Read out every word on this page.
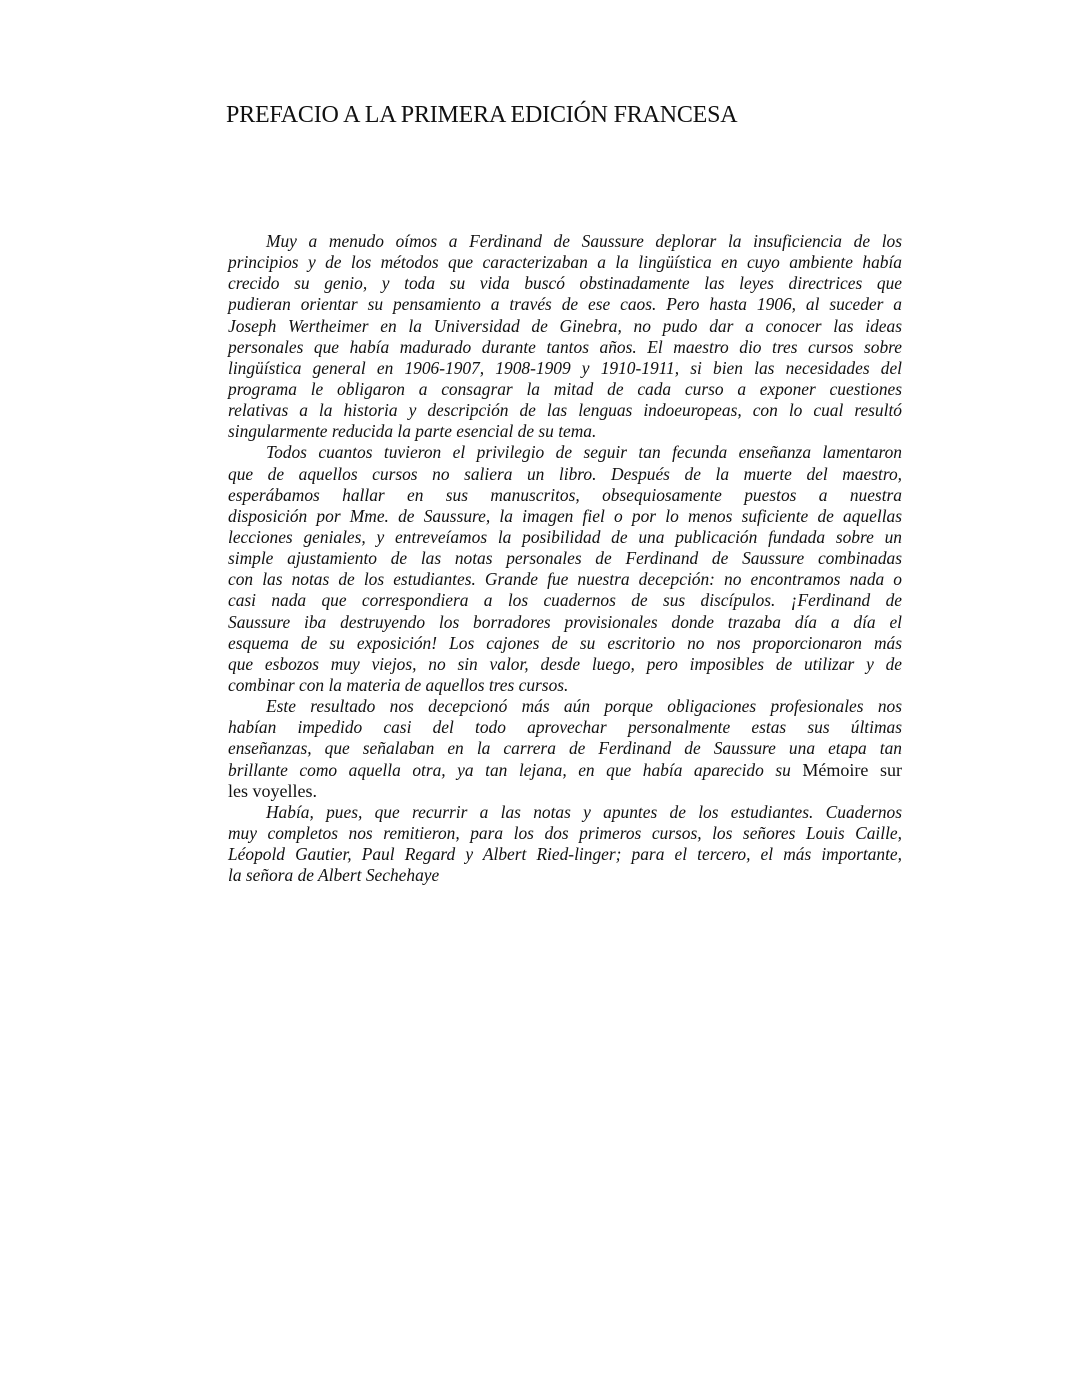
PREFACIO A LA PRIMERA EDICIÓN FRANCESA
Muy a menudo oímos a Ferdinand de Saussure deplorar la insuficiencia de los
principios y de los métodos que caracterizaban a la lingüística en cuyo ambiente había
crecido su genio, y toda su vida buscó obstinadamente las leyes directrices que
pudieran orientar su pensamiento a través de ese caos. Pero hasta 1906, al suceder a
Joseph Wertheimer en la Universidad de Ginebra, no pudo dar a conocer las ideas
personales que había madurado durante tantos años. El maestro dio tres cursos sobre
lingüística general en 1906-1907, 1908-1909 y 1910-1911, si bien las necesidades del
programa le obligaron a consagrar la mitad de cada curso a exponer cuestiones
relativas a la historia y descripción de las lenguas indoeuropeas, con lo cual resultó
singularmente reducida la parte esencial de su tema.
Todos cuantos tuvieron el privilegio de seguir tan fecunda enseñanza lamentaron
que de aquellos cursos no saliera un libro. Después de la muerte del maestro,
esperábamos hallar en sus manuscritos, obsequiosamente puestos a nuestra
disposición por Mme. de Saussure, la imagen fiel o por lo menos suficiente de aquellas
lecciones geniales, y entreveíamos la posibilidad de una publicación fundada sobre un
simple ajustamiento de las notas personales de Ferdinand de Saussure combinadas
con las notas de los estudiantes. Grande fue nuestra decepción: no encontramos nada o
casi nada que correspondiera a los cuadernos de sus discípulos. ¡Ferdinand de
Saussure iba destruyendo los borradores provisionales donde trazaba día a día el
esquema de su exposición! Los cajones de su escritorio no nos proporcionaron más
que esbozos muy viejos, no sin valor, desde luego, pero imposibles de utilizar y de
combinar con la materia de aquellos tres cursos.
Este resultado nos decepcionó más aún porque obligaciones profesionales nos
habían impedido casi del todo aprovechar personalmente estas sus últimas
enseñanzas, que señalaban en la carrera de Ferdinand de Saussure una etapa tan
brillante como aquella otra, ya tan lejana, en que había aparecido su Mémoire sur
les voyelles.
Había, pues, que recurrir a las notas y apuntes de los estudiantes. Cuadernos
muy completos nos remitieron, para los dos primeros cursos, los señores Louis Caille,
Léopold Gautier, Paul Regard y Albert Ried-linger; para el tercero, el más importante,
la señora de Albert Sechehaye
